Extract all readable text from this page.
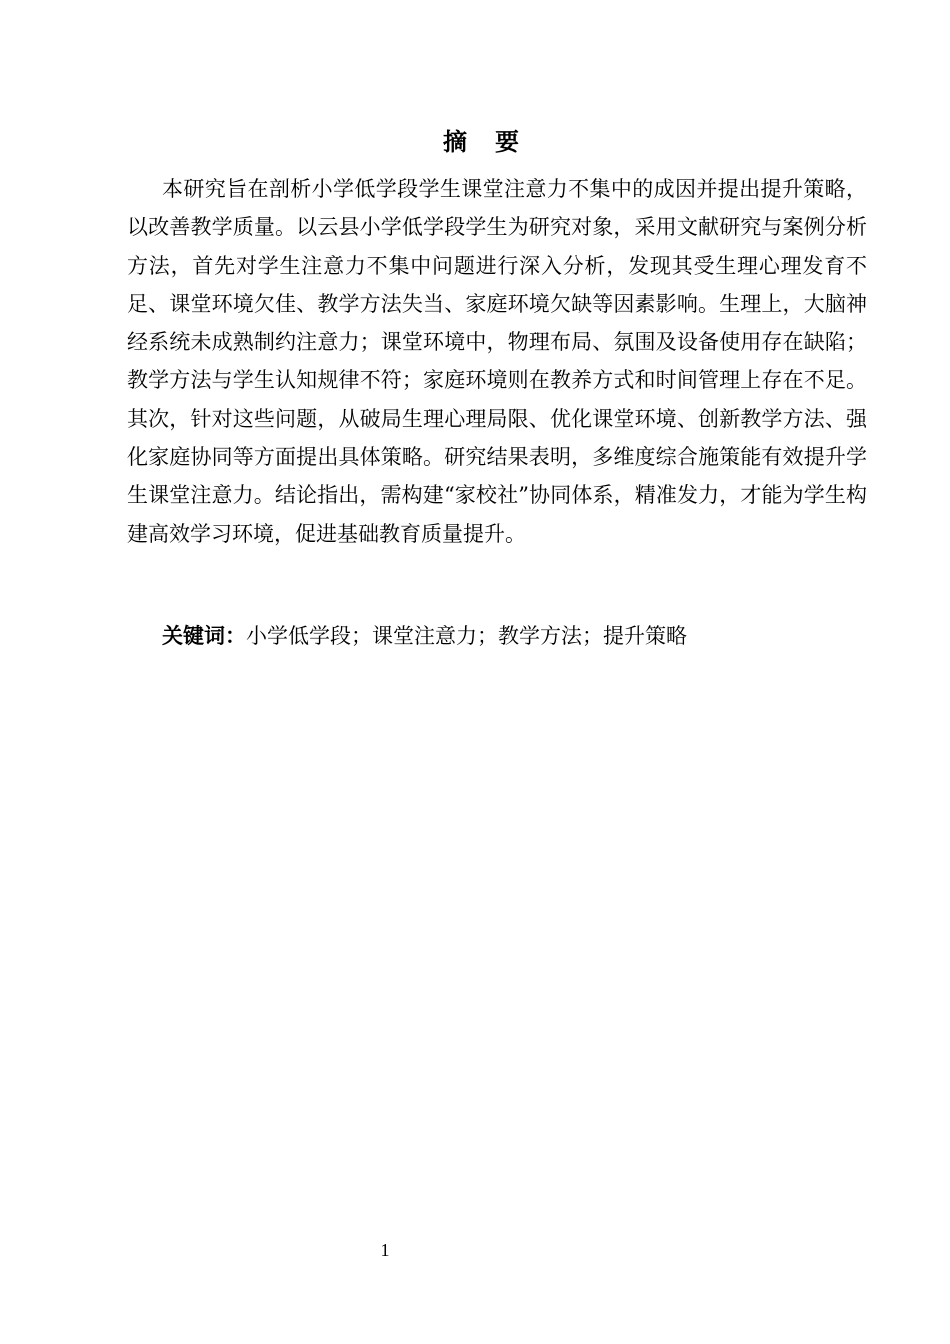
摘要

本研究旨在剖析小学低学段学生课堂注意力不集中的成因并提出提升策略，以改善教学质量。以云县小学低学段学生为研究对象，采用文献研究与案例分析方法，首先对学生注意力不集中问题进行深入分析，发现其受生理心理发育不足、课堂环境欠佳、教学方法失当、家庭环境欠缺等因素影响。生理上，大脑神经系统未成熟制约注意力；课堂环境中，物理布局、氛围及设备使用存在缺陷；教学方法与学生认知规律不符；家庭环境则在教养方式和时间管理上存在不足。其次，针对这些问题，从破局生理心理局限、优化课堂环境、创新教学方法、强化家庭协同等方面提出具体策略。研究结果表明，多维度综合施策能有效提升学生课堂注意力。结论指出，需构建“家校社”协同体系，精准发力，才能为学生构建高效学习环境，促进基础教育质量提升。

关键词：小学低学段；课堂注意力；教学方法；提升策略
1
